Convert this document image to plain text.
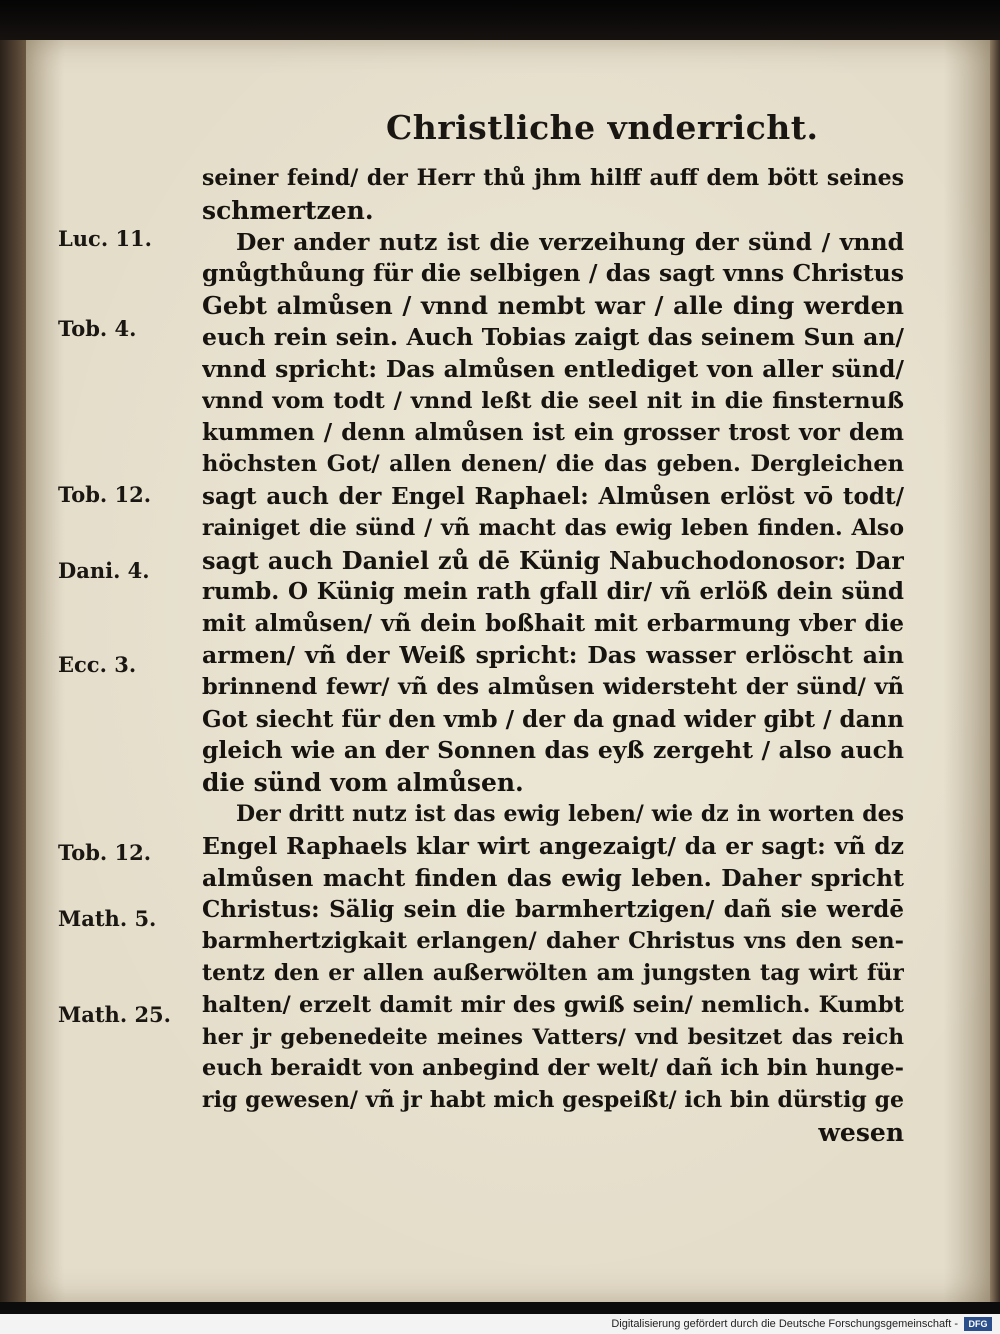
Christliche vnderricht.
seiner feind/ der Herr thů jhm hilff auff dem bött seines
schmertzen.
Der ander nutz ist die verzeihung der sünd / vnnd
gnůgthůung für die selbigen / das sagt vnns Christus
Gebt almůsen / vnnd nembt war / alle ding werden
euch rein sein. Auch Tobias zaigt das seinem Sun an/
vnnd spricht: Das almůsen entlediget von aller sünd/
vnnd vom todt / vnnd leßt die seel nit in die finsternuß
kummen / denn almůsen ist ein grosser trost vor dem
höchsten Got/ allen denen/ die das geben. Dergleichen
sagt auch der Engel Raphael: Almůsen erlöst vō todt/
rainiget die sünd / vñ macht das ewig leben finden. Also
sagt auch Daniel zů dē Künig Nabuchodonosor: Dar
rumb. O Künig mein rath gfall dir/ vñ erlöß dein sünd
mit almůsen/ vñ dein boßhait mit erbarmung vber die
armen/ vñ der Weiß spricht: Das wasser erlöscht ain
brinnend fewr/ vñ des almůsen widersteht der sünd/ vñ
Got siecht für den vmb / der da gnad wider gibt / dann
gleich wie an der Sonnen das eyß zergeht / also auch
die sünd vom almůsen.
Der dritt nutz ist das ewig leben/ wie dz in worten des
Engel Raphaels klar wirt angezaigt/ da er sagt: vñ dz
almůsen macht finden das ewig leben. Daher spricht
Christus: Sälig sein die barmhertzigen/ dañ sie werdē
barmhertzigkait erlangen/ daher Christus vns den sen-
tentz den er allen außerwölten am jungsten tag wirt für
halten/ erzelt damit mir des gwiß sein/ nemlich. Kumbt
her jr gebenedeite meines Vatters/ vnd besitzet das reich
euch beraidt von anbegind der welt/ dañ ich bin hunge-
rig gewesen/ vñ jr habt mich gespeißt/ ich bin dürstig ge
wesen
Luc. 11.
Tob. 4.
Tob. 12.
Dani. 4.
Ecc. 3.
Tob. 12.
Math. 5.
Math. 25.
Digitalisierung gefördert durch die Deutsche Forschungsgemeinschaft -	DFG
